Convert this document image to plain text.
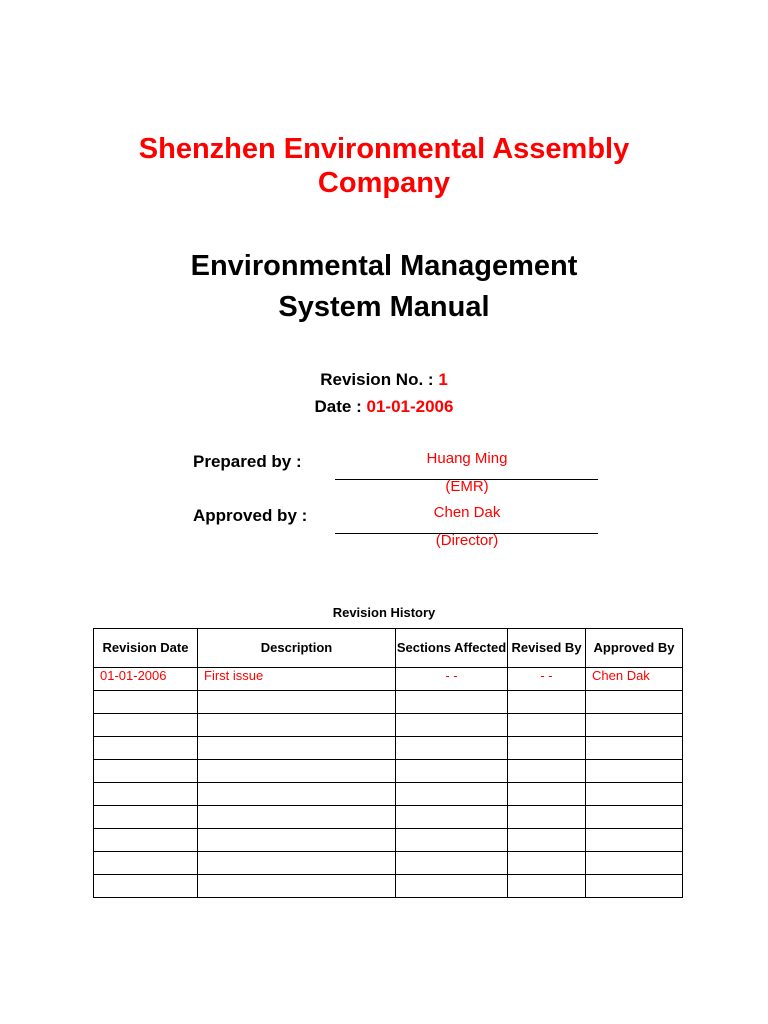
Shenzhen Environmental Assembly
Company
Environmental Management
System Manual
Revision No. : 1
Date : 01-01-2006
Prepared by :	Huang Ming
(EMR)
Approved by :	Chen Dak
(Director)
Revision History
Revision Date	Description	Sections Affected	Revised By	Approved By
01-01-2006	First issue	- -	- -	Chen Dak
